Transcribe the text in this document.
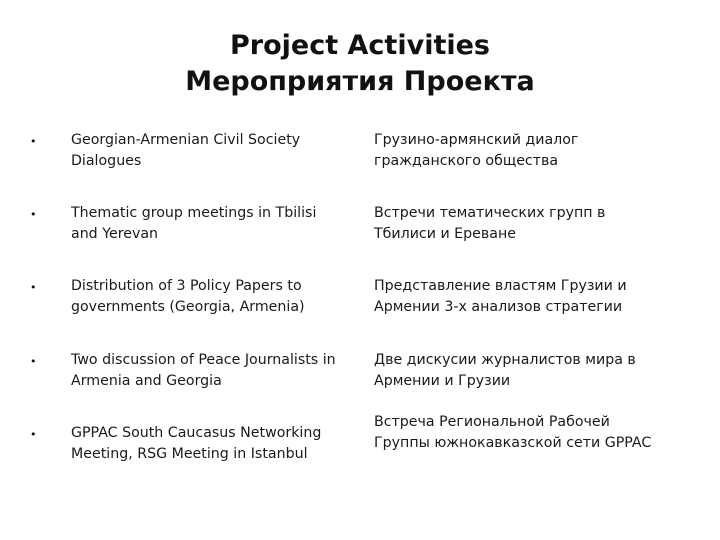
Project Activities
Мероприятия Проекта
• Georgian-Armenian Civil Society
Dialogues
Грузино-армянский диалог
гражданского общества
• Thematic group meetings in Tbilisi
and Yerevan
Встречи тематических групп в
Тбилиси и Ереване
• Distribution of 3 Policy Papers to
governments (Georgia, Armenia)
Представление властям Грузии и
Армении 3-х анализов стратегии
• Two discussion of Peace Journalists in
Armenia and Georgia
Две дискусии журналистов мира в
Армении и Грузии
• GPPAC South Caucasus Networking
Meeting, RSG Meeting in Istanbul
Встреча Региональной Рабочей
Группы южнокавказской сети GPPAC
